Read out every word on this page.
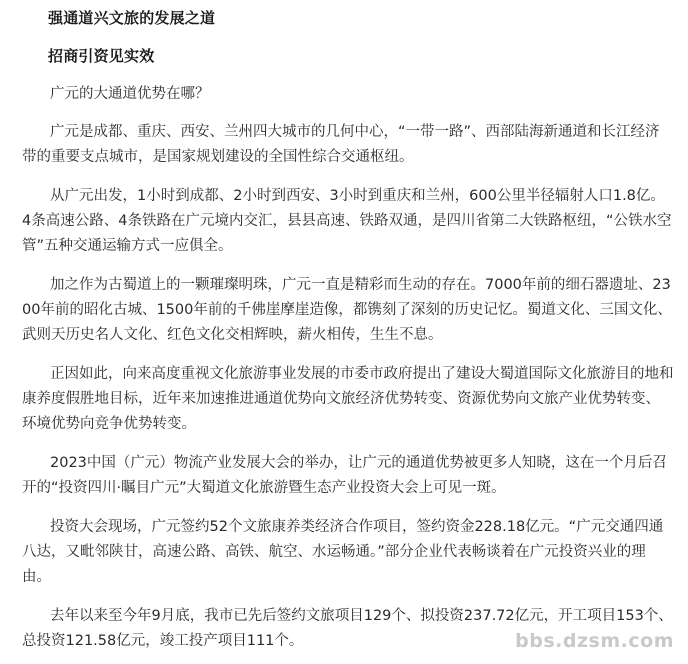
强通道兴文旅的发展之道
招商引资见实效

广元的大通道优势在哪？

广元是成都、重庆、西安、兰州四大城市的几何中心，“一带一路”、西部陆海新通道和长江经济带的重要支点城市，是国家规划建设的全国性综合交通枢纽。

从广元出发，1小时到成都、2小时到西安、3小时到重庆和兰州，600公里半径辐射人口1.8亿。4条高速公路、4条铁路在广元境内交汇，县县高速、铁路双通，是四川省第二大铁路枢纽，“公铁水空管”五种交通运输方式一应俱全。

加之作为古蜀道上的一颗璀璨明珠，广元一直是精彩而生动的存在。7000年前的细石器遗址、2300年前的昭化古城、1500年前的千佛崖摩崖造像，都镌刻了深刻的历史记忆。蜀道文化、三国文化、武则天历史名人文化、红色文化交相辉映，薪火相传，生生不息。

正因如此，向来高度重视文化旅游事业发展的市委市政府提出了建设大蜀道国际文化旅游目的地和康养度假胜地目标，近年来加速推进通道优势向文旅经济优势转变、资源优势向文旅产业优势转变、环境优势向竞争优势转变。

2023中国（广元）物流产业发展大会的举办，让广元的通道优势被更多人知晓，这在一个月后召开的“投资四川·瞩目广元”大蜀道文化旅游暨生态产业投资大会上可见一斑。

投资大会现场，广元签约52个文旅康养类经济合作项目，签约资金228.18亿元。“广元交通四通八达，又毗邻陕甘，高速公路、高铁、航空、水运畅通。”部分企业代表畅谈着在广元投资兴业的理由。

去年以来至今年9月底，我市已先后签约文旅项目129个、拟投资237.72亿元，开工项目153个、总投资121.58亿元，竣工投产项目111个。	bbs.dzsm.com
